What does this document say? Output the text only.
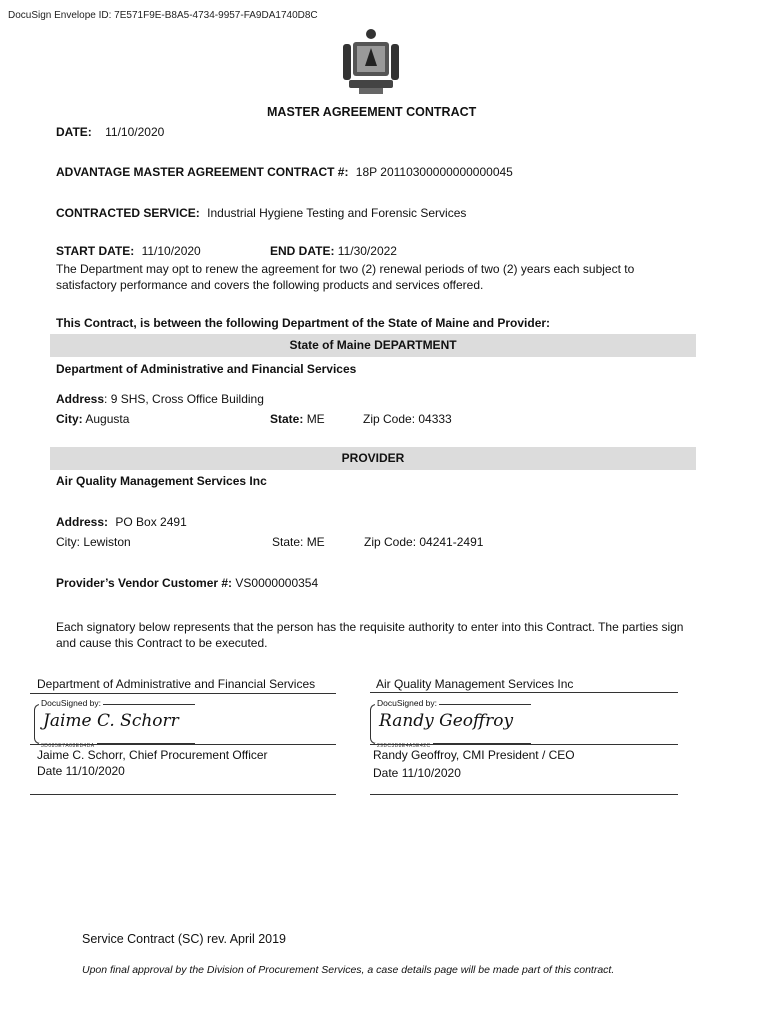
DocuSign Envelope ID: 7E571F9E-B8A5-4734-9957-FA9DA1740D8C
MASTER AGREEMENT CONTRACT
DATE: 11/10/2020
ADVANTAGE MASTER AGREEMENT CONTRACT #: 18P 20110300000000000045
CONTRACTED SERVICE: Industrial Hygiene Testing and Forensic Services
START DATE: 11/10/2020	END DATE: 11/30/2022
The Department may opt to renew the agreement for two (2) renewal periods of two (2) years each subject to satisfactory performance and covers the following products and services offered.
This Contract, is between the following Department of the State of Maine and Provider:
State of Maine DEPARTMENT
Department of Administrative and Financial Services
Address: 9 SHS, Cross Office Building
City: Augusta	State: ME	Zip Code: 04333
PROVIDER
Air Quality Management Services Inc
Address: PO Box 2491
City: Lewiston	State: ME	Zip Code: 04241-2491
Provider’s Vendor Customer #: VS0000000354
Each signatory below represents that the person has the requisite authority to enter into this Contract. The parties sign and cause this Contract to be executed.
Department of Administrative and Financial Services
DocuSigned by:
Jaime C. Schorr
3D085E7A68EB4DA
Jaime C. Schorr, Chief Procurement Officer
Date 11/10/2020
Air Quality Management Services Inc
DocuSigned by:
Randy Geoffroy
29BC3B8E4A5E42C
Randy Geoffroy, CMI President / CEO
Date 11/10/2020
Service Contract (SC) rev. April 2019
Upon final approval by the Division of Procurement Services, a case details page will be made part of this contract.
